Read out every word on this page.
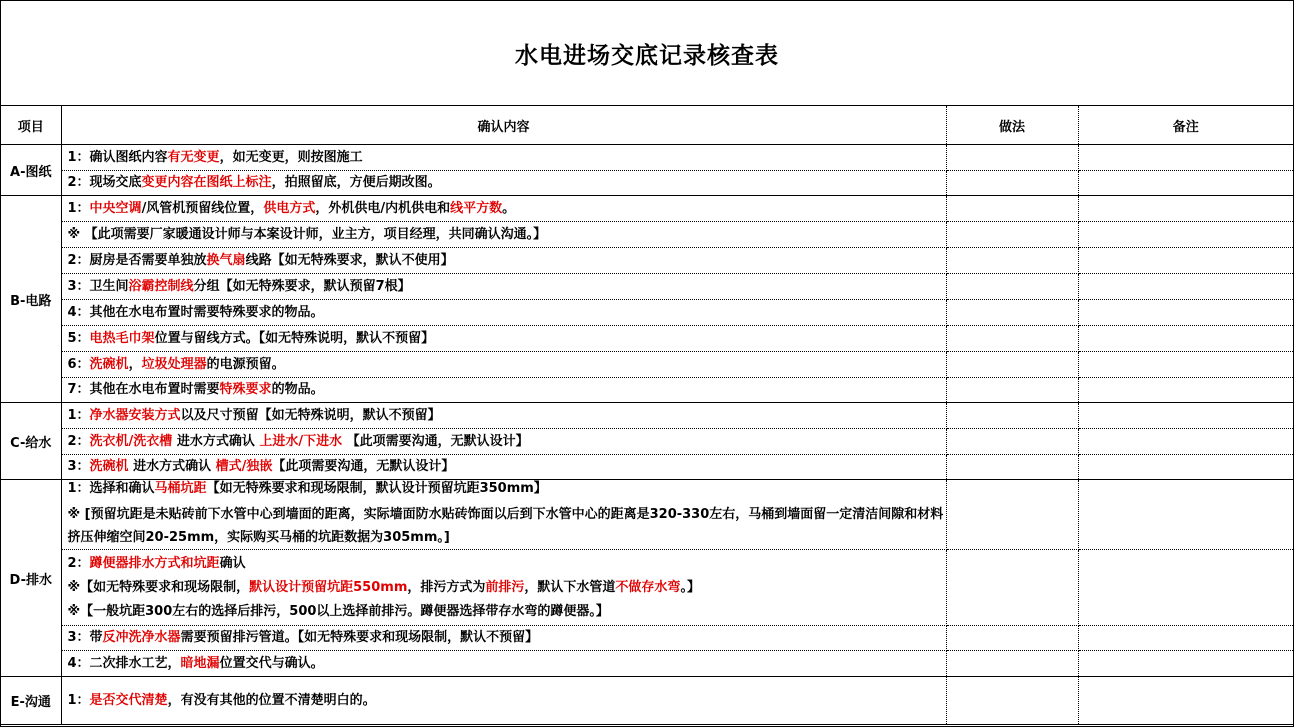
水电进场交底记录核查表
项目	确认内容	做法	备注
A-图纸	1：确认图纸内容有无变更，如无变更，则按图施工		

	2：现场交底变更内容在图纸上标注，拍照留底，方便后期改图。		

B-电路	1：中央空调/风管机预留线位置，供电方式，外机供电/内机供电和线平方数。		

	※ 【此项需要厂家暖通设计师与本案设计师，业主方，项目经理，共同确认沟通。】		

	2：厨房是否需要单独放换气扇线路【如无特殊要求，默认不使用】		

	3：卫生间浴霸控制线分组【如无特殊要求，默认预留7根】		

	4：其他在水电布置时需要特殊要求的物品。		

	5：电热毛巾架位置与留线方式。【如无特殊说明，默认不预留】		

	6：洗碗机，垃圾处理器的电源预留。		

	7：其他在水电布置时需要特殊要求的物品。		

C-给水	1：净水器安装方式以及尺寸预留【如无特殊说明，默认不预留】		

	2：洗衣机/洗衣槽 进水方式确认 上进水/下进水 【此项需要沟通，无默认设计】		

	3：洗碗机 进水方式确认 槽式/独嵌【此项需要沟通，无默认设计】		

D-排水	1：选择和确认马桶坑距【如无特殊要求和现场限制，默认设计预留坑距350mm】
※ [预留坑距是未贴砖前下水管中心到墙面的距离，实际墙面防水贴砖饰面以后到下水管中心的距离是320-330左右，马桶到墙面留一定清洁间隙和材料挤压伸缩空间20-25mm，实际购买马桶的坑距数据为305mm。]		

	2：蹲便器排水方式和坑距确认
※【如无特殊要求和现场限制，默认设计预留坑距550mm，排污方式为前排污，默认下水管道不做存水弯。】
※【一般坑距300左右的选择后排污，500以上选择前排污。蹲便器选择带存水弯的蹲便器。】		

	3：带反冲洗净水器需要预留排污管道。【如无特殊要求和现场限制，默认不预留】		

	4：二次排水工艺，暗地漏位置交代与确认。		

E-沟通	1：是否交代清楚，有没有其他的位置不清楚明白的。		
